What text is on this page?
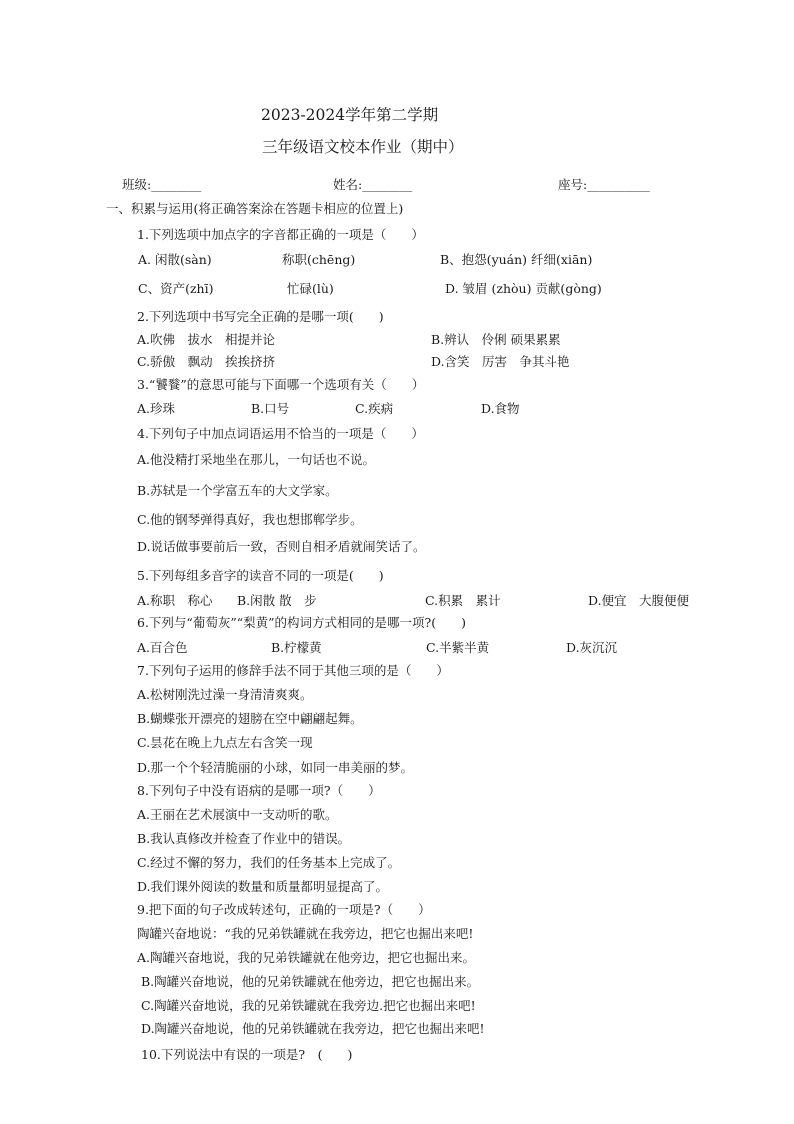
2023-2024学年第二学期
三年级语文校本作业（期中）
班级:________	姓名:________	座号:__________
一、积累与运用(将正确答案涂在答题卡相应的位置上)
1.下列选项中加点字的字音都正确的一项是（　　）
A. 闲散(sàn)	称职(chēng)	B、抱怨(yuán) 纤细(xiān)
C、资产(zhī)	忙碌(lù)	D. 皱眉 (zhòu) 贡献(gòng)
2.下列选项中书写完全正确的是哪一项(　　)
A.吹佛　拔水　相提并论	B.辨认　伶俐 硕果累累
C.骄傲　飘动　挨挨挤挤	D.含笑　厉害　争其斗艳
3.“饕餮”的意思可能与下面哪一个选项有关（　　）
A.珍珠	B.口号	C.疾病	D.食物
4.下列句子中加点词语运用不恰当的一项是（　　）
A.他没精打采地坐在那儿，一句话也不说。
B.苏轼是一个学富五车的大文学家。
C.他的钢琴弹得真好，我也想邯郸学步。
D.说话做事要前后一致，否则自相矛盾就闹笑话了。
5.下列每组多音字的读音不同的一项是(　　)
A.称职　称心 B.闲散 散　步	C.积累　累计	D.便宜　大腹便便
6.下列与“葡萄灰”“梨黄”的构词方式相同的是哪一项?(　　)
A.百合色	B.柠檬黄	C.半紫半黄	D.灰沉沉
7.下列句子运用的修辞手法不同于其他三项的是（　　）
A.松树刚洗过澡一身清清爽爽。
B.蝴蝶张开漂亮的翅膀在空中翩翩起舞。
C.昙花在晚上九点左右含笑一现
D.那一个个轻清脆丽的小球，如同一串美丽的梦。
8.下列句子中没有语病的是哪一项?（　　）
A.王丽在艺术展演中一支动听的歌。
B.我认真修改并检查了作业中的错误。
C.经过不懈的努力，我们的任务基本上完成了。
D.我们课外阅读的数量和质量都明显提高了。
9.把下面的句子改成转述句，正确的一项是?（　　）
陶罐兴奋地说：“我的兄弟铁罐就在我旁边，把它也掘出来吧!
A.陶罐兴奋地说，我的兄弟铁罐就在他旁边，把它也掘出来。
B.陶罐兴奋地说，他的兄弟铁罐就在他旁边，把它也掘出来。
C.陶罐兴奋地说，我的兄弟铁罐就在我旁边.把它也掘出来吧!
D.陶罐兴奋地说，他的兄弟铁罐就在我旁边，把它也掘出来吧!
10.下列说法中有误的一项是?　(　　)
